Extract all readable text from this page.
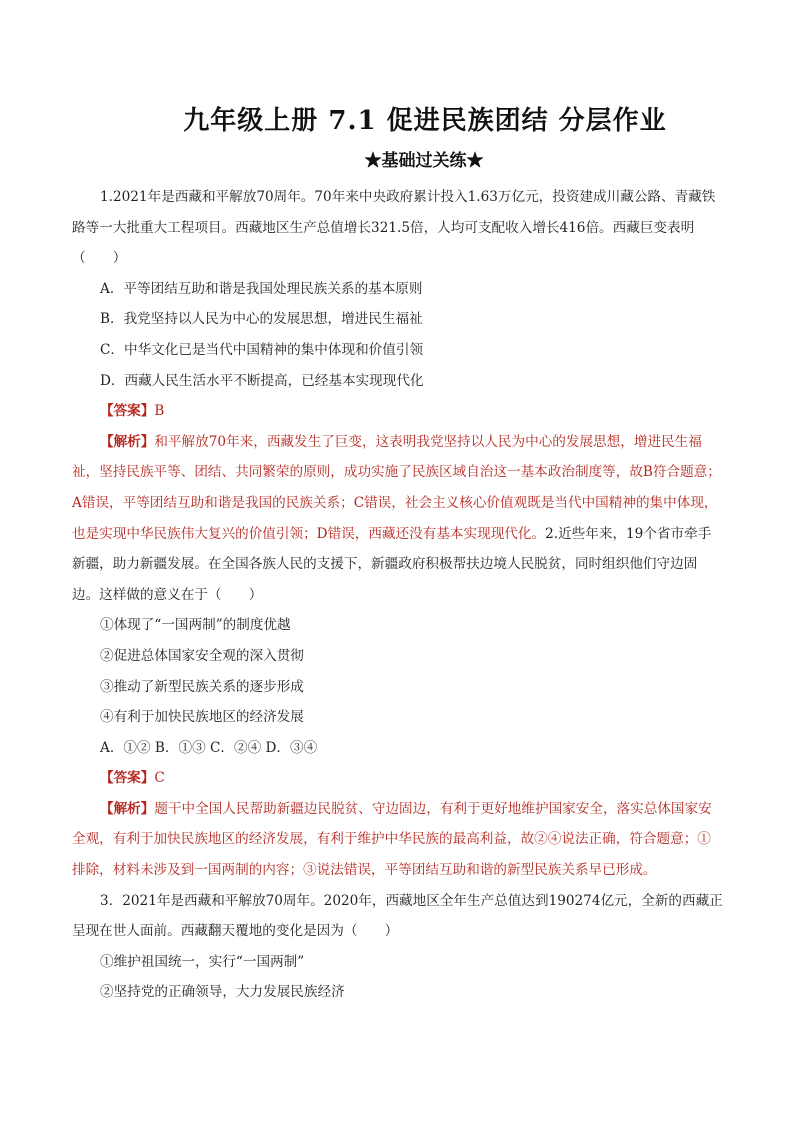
九年级上册 7.1 促进民族团结 分层作业
★基础过关练★

1.2021年是西藏和平解放70周年。70年来中央政府累计投入1.63万亿元，投资建成川藏公路、青藏铁路等一大批重大工程项目。西藏地区生产总值增长321.5倍，人均可支配收入增长416倍。西藏巨变表明（　　）

A．平等团结互助和谐是我国处理民族关系的基本原则

B．我党坚持以人民为中心的发展思想，增进民生福祉

C．中华文化已是当代中国精神的集中体现和价值引领

D．西藏人民生活水平不断提高，已经基本实现现代化

【答案】B

【解析】和平解放70年来，西藏发生了巨变，这表明我党坚持以人民为中心的发展思想，增进民生福祉，坚持民族平等、团结、共同繁荣的原则，成功实施了民族区域自治这一基本政治制度等，故B符合题意；A错误，平等团结互助和谐是我国的民族关系；C错误，社会主义核心价值观既是当代中国精神的集中体现，也是实现中华民族伟大复兴的价值引领；D错误，西藏还没有基本实现现代化。2.近些年来，19个省市牵手新疆，助力新疆发展。在全国各族人民的支援下，新疆政府积极帮扶边境人民脱贫，同时组织他们守边固边。这样做的意义在于（　　）

①体现了“一国两制”的制度优越

②促进总体国家安全观的深入贯彻

③推动了新型民族关系的逐步形成

④有利于加快民族地区的经济发展

A．①② B．①③ C．②④ D．③④

【答案】C

【解析】题干中全国人民帮助新疆边民脱贫、守边固边，有利于更好地维护国家安全，落实总体国家安全观，有利于加快民族地区的经济发展，有利于维护中华民族的最高利益，故②④说法正确，符合题意；①排除，材料未涉及到一国两制的内容；③说法错误，平等团结互助和谐的新型民族关系早已形成。

3．2021年是西藏和平解放70周年。2020年，西藏地区全年生产总值达到190274亿元，全新的西藏正呈现在世人面前。西藏翻天覆地的变化是因为（　　）

①维护祖国统一，实行“一国两制”

②坚持党的正确领导，大力发展民族经济
